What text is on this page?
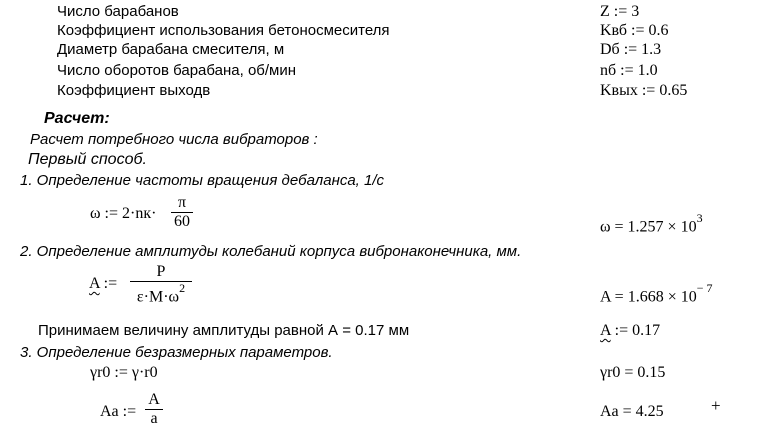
Число барабанов	Z := 3
Коэффициент использования бетоносмесителя	Kвб := 0.6
Диаметр барабана смесителя, м	Dб := 1.3
Число оборотов барабана, об/мин	nб := 1.0
Коэффициент выходв	Kвых := 0.65
Расчет:
Расчет потребного числа вибраторов :
Первый способ.
1. Определение частоты вращения дебаланса, 1/с
ω := 2·nк·
π
60	$\omega = 1.257 \times 10^3$
2. Определение амплитуды колебаний корпуса вибронаконечника, мм.
A :=
P
$\varepsilon\cdot M\cdot\omega^2$
$A = 1.668 \times 10^{- 7}$
Принимаем величину амплитуды равной А = 0.17 мм	A := 0.17
3. Определение безразмерных параметров.
γr0 := γ·r0	γr0 = 0.15
Aa :=
A
a	Aa = 4.25	+
